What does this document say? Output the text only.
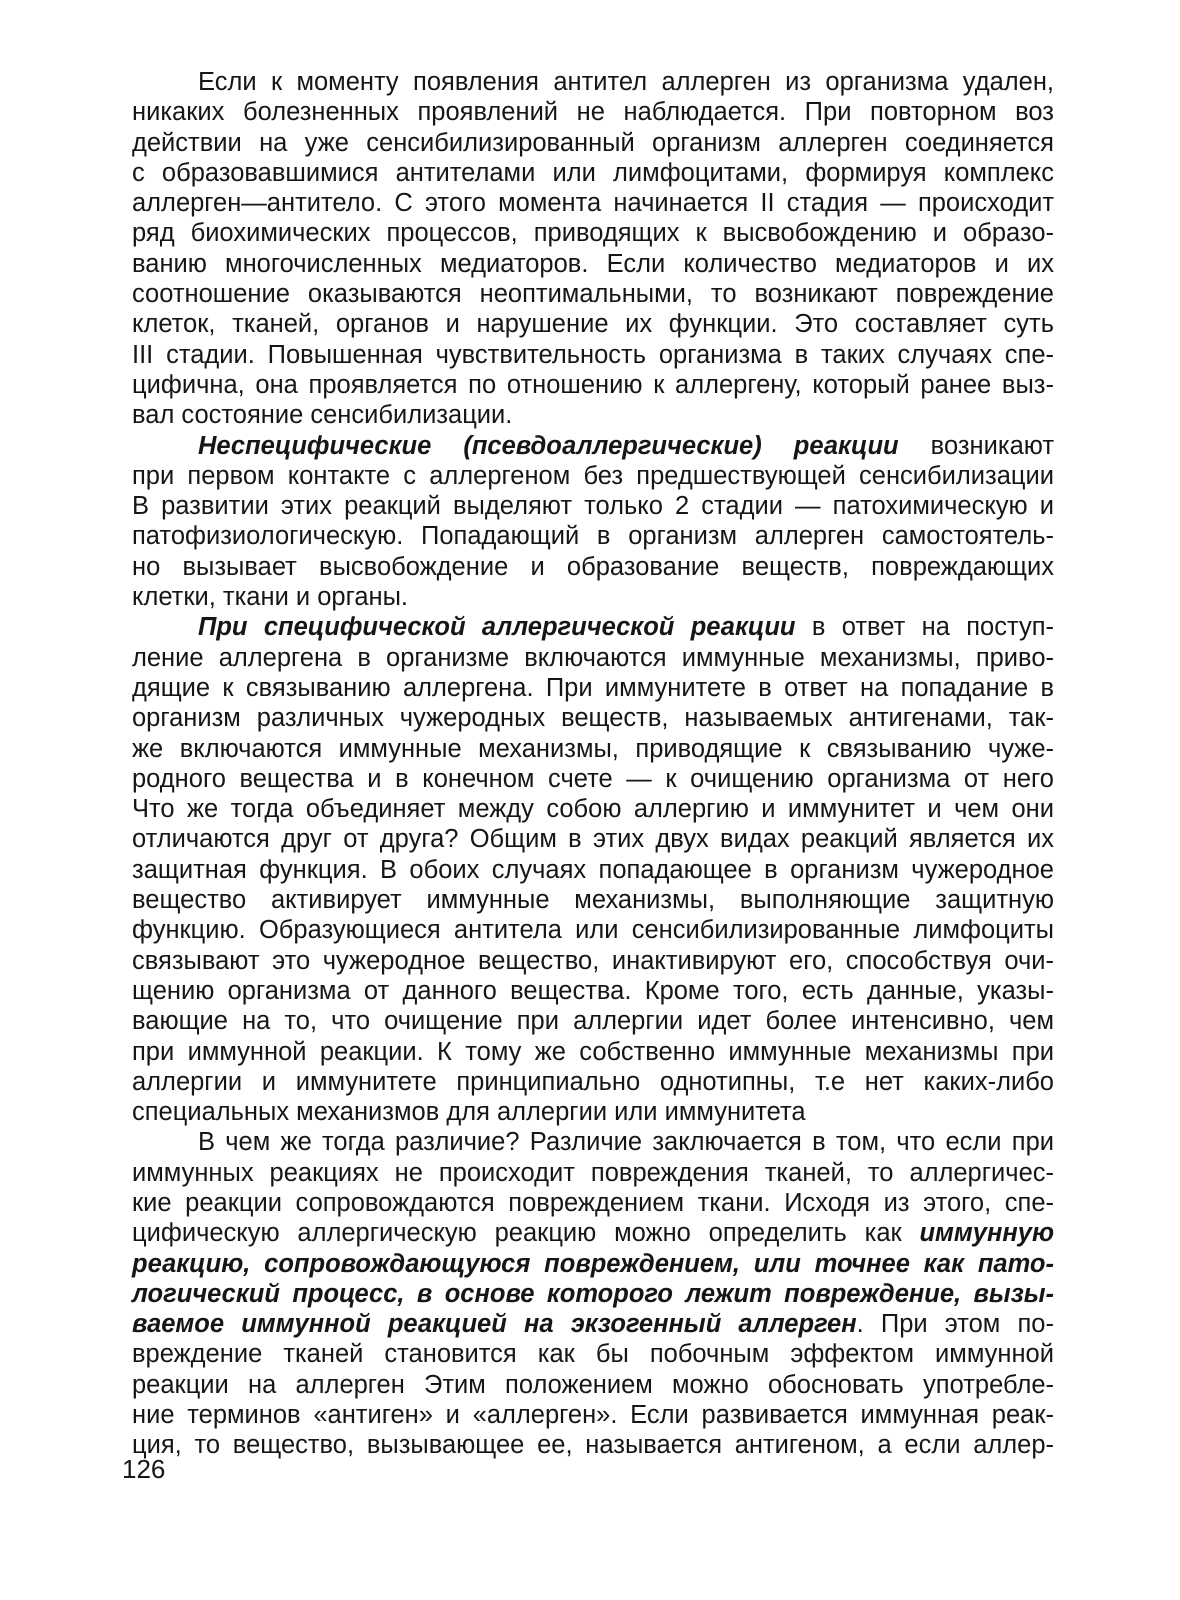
Если к моменту появления антител аллерген из организма удален,
никаких болезненных проявлений не наблюдается. При повторном воз
действии на уже сенсибилизированный организм аллерген соединяется
с образовавшимися антителами или лимфоцитами, формируя комплекс
аллерген—антитело. С этого момента начинается II стадия — происходит
ряд биохимических процессов, приводящих к высвобождению и образо-
ванию многочисленных медиаторов. Если количество медиаторов и их
соотношение оказываются неоптимальными, то возникают повреждение
клеток, тканей, органов и нарушение их функции. Это составляет суть
III стадии. Повышенная чувствительность организма в таких случаях спе-
цифична, она проявляется по отношению к аллергену, который ранее выз-
вал состояние сенсибилизации.
Неспецифические (псевдоаллергические) реакции возникают
при первом контакте с аллергеном без предшествующей сенсибилизации
В развитии этих реакций выделяют только 2 стадии — патохимическую и
патофизиологическую. Попадающий в организм аллерген самостоятель-
но вызывает высвобождение и образование веществ, повреждающих
клетки, ткани и органы.
При специфической аллергической реакции в ответ на поступ-
ление аллергена в организме включаются иммунные механизмы, приво-
дящие к связыванию аллергена. При иммунитете в ответ на попадание в
организм различных чужеродных веществ, называемых антигенами, так-
же включаются иммунные механизмы, приводящие к связыванию чуже-
родного вещества и в конечном счете — к очищению организма от него
Что же тогда объединяет между собою аллергию и иммунитет и чем они
отличаются друг от друга? Общим в этих двух видах реакций является их
защитная функция. В обоих случаях попадающее в организм чужеродное
вещество активирует иммунные механизмы, выполняющие защитную
функцию. Образующиеся антитела или сенсибилизированные лимфоциты
связывают это чужеродное вещество, инактивируют его, способствуя очи-
щению организма от данного вещества. Кроме того, есть данные, указы-
вающие на то, что очищение при аллергии идет более интенсивно, чем
при иммунной реакции. К тому же собственно иммунные механизмы при
аллергии и иммунитете принципиально однотипны, т.е нет каких-либо
специальных механизмов для аллергии или иммунитета
В чем же тогда различие? Различие заключается в том, что если при
иммунных реакциях не происходит повреждения тканей, то аллергичес-
кие реакции сопровождаются повреждением ткани. Исходя из этого, спе-
цифическую аллергическую реакцию можно определить как иммунную
реакцию, сопровождающуюся повреждением, или точнее как пато-
логический процесс, в основе которого лежит повреждение, вызы-
ваемое иммунной реакцией на экзогенный аллерген. При этом по-
вреждение тканей становится как бы побочным эффектом иммунной
реакции на аллерген Этим положением можно обосновать употребле-
ние терминов «антиген» и «аллерген». Если развивается иммунная реак-
ция, то вещество, вызывающее ее, называется антигеном, а если аллер-
126
